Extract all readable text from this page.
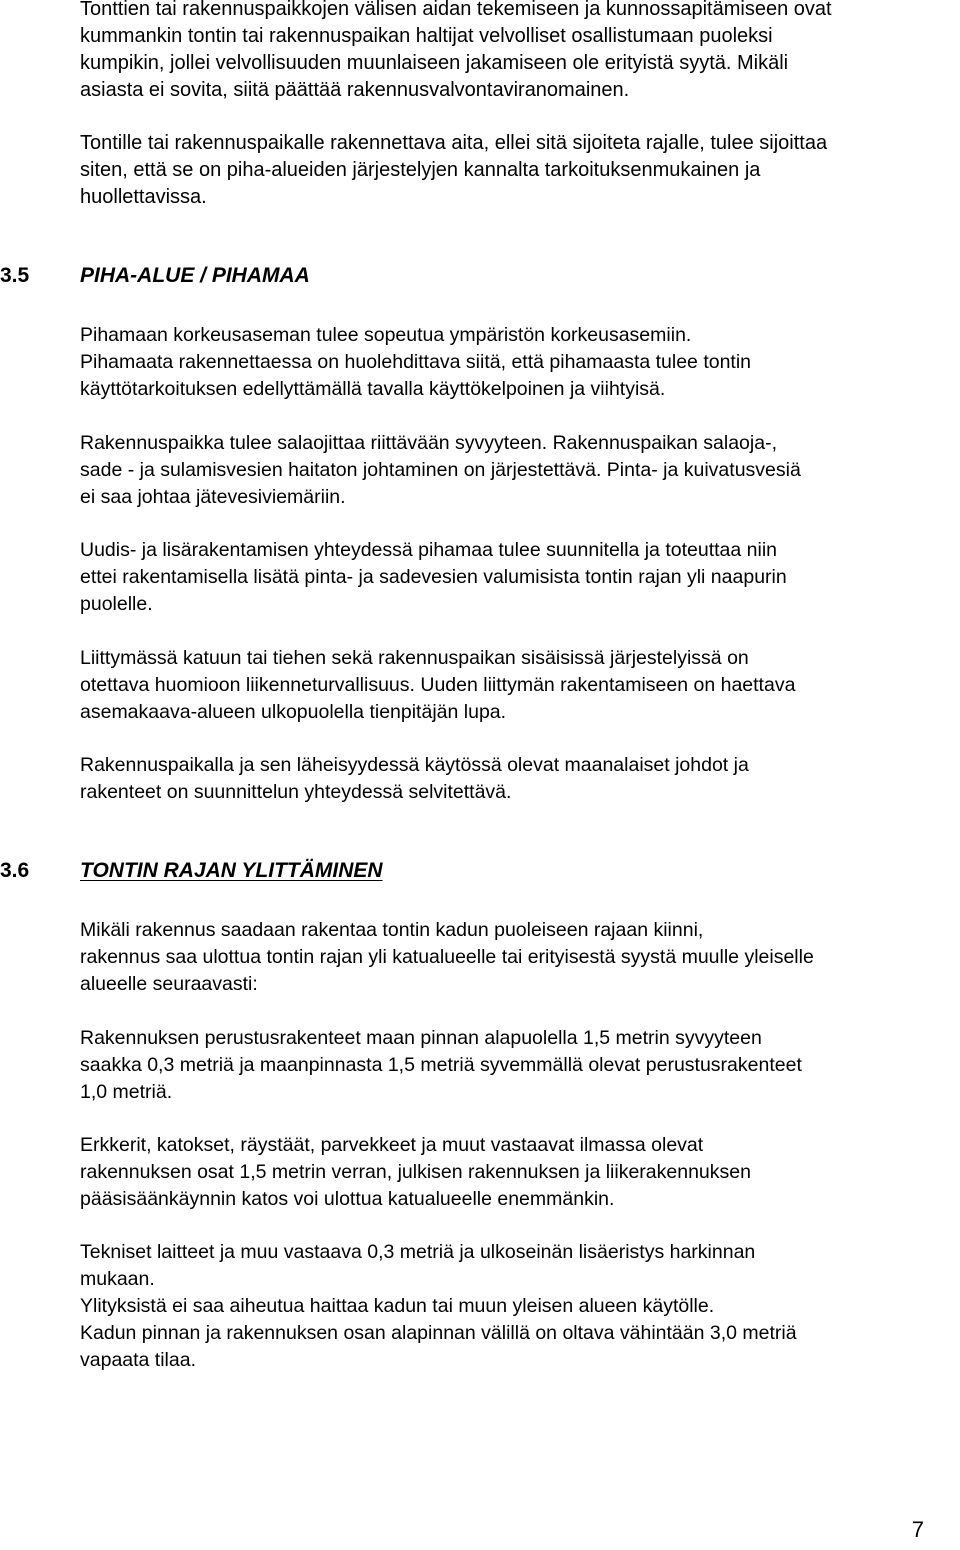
Tonttien tai rakennuspaikkojen välisen aidan tekemiseen ja kunnossapitämiseen ovat
kummankin tontin tai rakennuspaikan haltijat velvolliset osallistumaan puoleksi
kumpikin, jollei velvollisuuden muunlaiseen jakamiseen ole erityistä syytä. Mikäli
asiasta ei sovita, siitä päättää rakennusvalvontaviranomainen.

Tontille tai rakennuspaikalle rakennettava aita, ellei sitä sijoiteta rajalle, tulee sijoittaa
siten, että se on piha-alueiden järjestelyjen kannalta tarkoituksenmukainen ja
huollettavissa.

3.5 PIHA-ALUE / PIHAMAA

Pihamaan korkeusaseman tulee sopeutua ympäristön korkeusasemiin.
Pihamaata rakennettaessa on huolehdittava siitä, että pihamaasta tulee tontin
käyttötarkoituksen edellyttämällä tavalla käyttökelpoinen ja viihtyisä.

Rakennuspaikka tulee salaojittaa riittävään syvyyteen. Rakennuspaikan salaoja-,
sade - ja sulamisvesien haitaton johtaminen on järjestettävä. Pinta- ja kuivatusvesiä
ei saa johtaa jätevesiviemäriin.

Uudis- ja lisärakentamisen yhteydessä pihamaa tulee suunnitella ja toteuttaa niin
ettei rakentamisella lisätä pinta- ja sadevesien valumisista tontin rajan yli naapurin
puolelle.

Liittymässä katuun tai tiehen sekä rakennuspaikan sisäisissä järjestelyissä on
otettava huomioon liikenneturvallisuus. Uuden liittymän rakentamiseen on haettava
asemakaava-alueen ulkopuolella tienpitäjän lupa.

Rakennuspaikalla ja sen läheisyydessä käytössä olevat maanalaiset johdot ja
rakenteet on suunnittelun yhteydessä selvitettävä.

3.6 TONTIN RAJAN YLITTÄMINEN

Mikäli rakennus saadaan rakentaa tontin kadun puoleiseen rajaan kiinni,
rakennus saa ulottua tontin rajan yli katualueelle tai erityisestä syystä muulle yleiselle
alueelle seuraavasti:

Rakennuksen perustusrakenteet maan pinnan alapuolella 1,5 metrin syvyyteen
saakka 0,3 metriä ja maanpinnasta 1,5 metriä syvemmällä olevat perustusrakenteet
1,0 metriä.

Erkkerit, katokset, räystäät, parvekkeet ja muut vastaavat ilmassa olevat
rakennuksen osat 1,5 metrin verran, julkisen rakennuksen ja liikerakennuksen
pääsisäänkäynnin katos voi ulottua katualueelle enemmänkin.

Tekniset laitteet ja muu vastaava 0,3 metriä ja ulkoseinän lisäeristys harkinnan
mukaan.
Ylityksistä ei saa aiheutua haittaa kadun tai muun yleisen alueen käytölle.
Kadun pinnan ja rakennuksen osan alapinnan välillä on oltava vähintään 3,0 metriä
vapaata tilaa.

7
